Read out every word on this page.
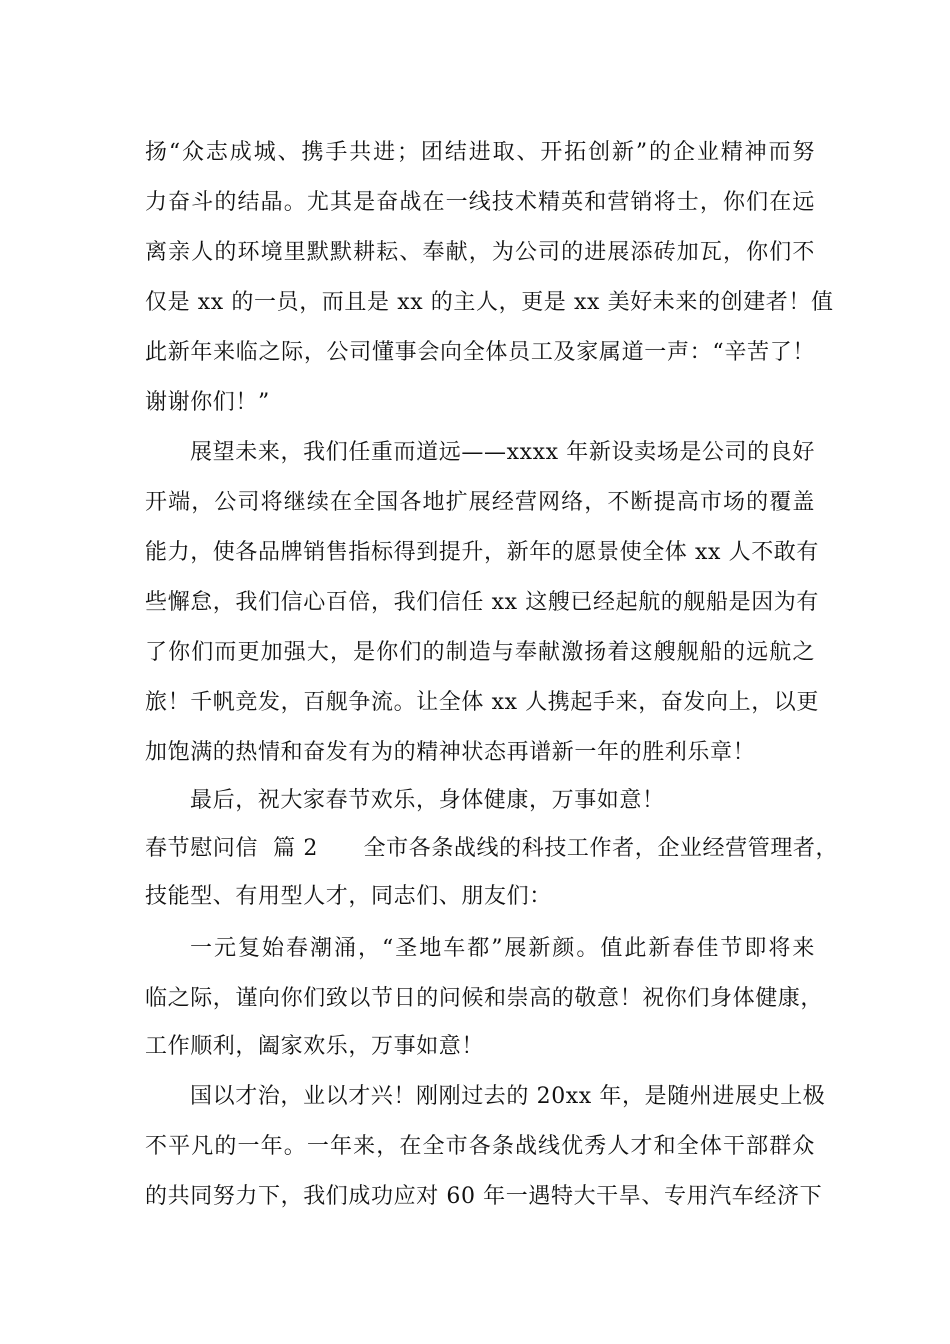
扬“众志成城、携手共进；团结进取、开拓创新”的企业精神而努
力奋斗的结晶。尤其是奋战在一线技术精英和营销将士，你们在远
离亲人的环境里默默耕耘、奉献，为公司的进展添砖加瓦，你们不
仅是 xx 的一员，而且是 xx 的主人，更是 xx 美好未来的创建者！值
此新年来临之际，公司懂事会向全体员工及家属道一声：“辛苦了！
谢谢你们！”
展望未来，我们任重而道远——xxxx 年新设卖场是公司的良好
开端，公司将继续在全国各地扩展经营网络，不断提高市场的覆盖
能力，使各品牌销售指标得到提升，新年的愿景使全体 xx 人不敢有
些懈怠，我们信心百倍，我们信任 xx 这艘已经起航的舰船是因为有
了你们而更加强大，是你们的制造与奉献激扬着这艘舰船的远航之
旅！千帆竞发，百舰争流。让全体 xx 人携起手来，奋发向上，以更
加饱满的热情和奋发有为的精神状态再谱新一年的胜利乐章！
最后，祝大家春节欢乐，身体健康，万事如意！
春节慰问信  篇 2      全市各条战线的科技工作者，企业经营管理者，
技能型、有用型人才，同志们、朋友们：
一元复始春潮涌，“圣地车都”展新颜。值此新春佳节即将来
临之际，谨向你们致以节日的问候和崇高的敬意！祝你们身体健康，
工作顺利，阖家欢乐，万事如意！
国以才治，业以才兴！刚刚过去的 20xx 年，是随州进展史上极
不平凡的一年。一年来，在全市各条战线优秀人才和全体干部群众
的共同努力下，我们成功应对 60 年一遇特大干旱、专用汽车经济下
